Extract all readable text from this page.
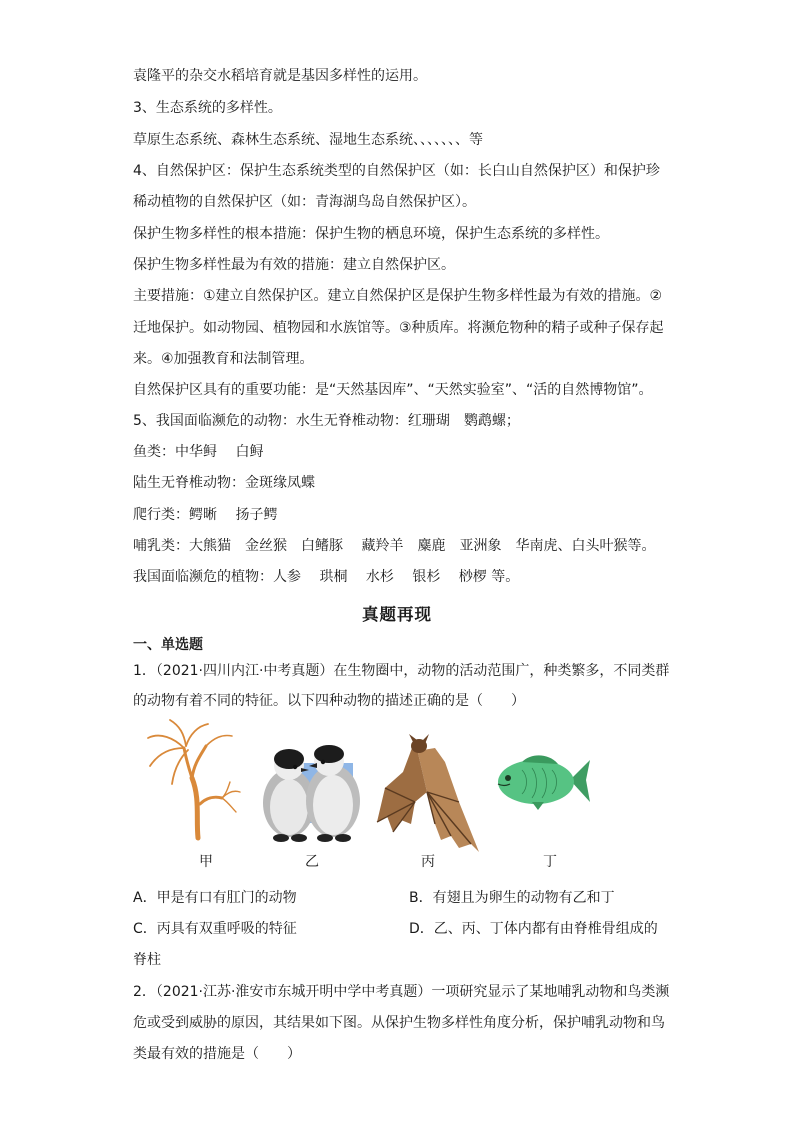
袁隆平的杂交水稻培育就是基因多样性的运用。
3、生态系统的多样性。
草原生态系统、森林生态系统、湿地生态系统、、、、、、、等
4、自然保护区：保护生态系统类型的自然保护区（如：长白山自然保护区）和保护珍
稀动植物的自然保护区（如：青海湖鸟岛自然保护区）。
保护生物多样性的根本措施：保护生物的栖息环境，保护生态系统的多样性。
保护生物多样性最为有效的措施：建立自然保护区。
主要措施：①建立自然保护区。建立自然保护区是保护生物多样性最为有效的措施。②
迁地保护。如动物园、植物园和水族馆等。③种质库。将濒危物种的精子或种子保存起
来。④加强教育和法制管理。
自然保护区具有的重要功能：是“天然基因库”、“天然实验室”、“活的自然博物馆”。
5、我国面临濒危的动物：水生无脊椎动物：红珊瑚　鹦鹉螺；
鱼类：中华鲟　 白鲟
陆生无脊椎动物：金斑缘凤蝶
爬行类：鳄晰　 扬子鳄
哺乳类：大熊猫　金丝猴　白鳍豚　 藏羚羊　麋鹿　亚洲象　华南虎、白头叶猴等。
我国面临濒危的植物：人参　 珙桐　 水杉　 银杉　 桫椤 等。
真题再现
一、单选题
1．（2021·四川内江·中考真题）在生物圈中，动物的活动范围广，种类繁多，不同类群
的动物有着不同的特征。以下四种动物的描述正确的是（　　）
甲	乙	丙	丁
A．甲是有口有肛门的动物	B．有翅且为卵生的动物有乙和丁
C．丙具有双重呼吸的特征	D．乙、丙、丁体内都有由脊椎骨组成的
脊柱
2．（2021·江苏·淮安市东城开明中学中考真题）一项研究显示了某地哺乳动物和鸟类濒
危或受到威胁的原因，其结果如下图。从保护生物多样性角度分析，保护哺乳动物和鸟
类最有效的措施是（　　）
